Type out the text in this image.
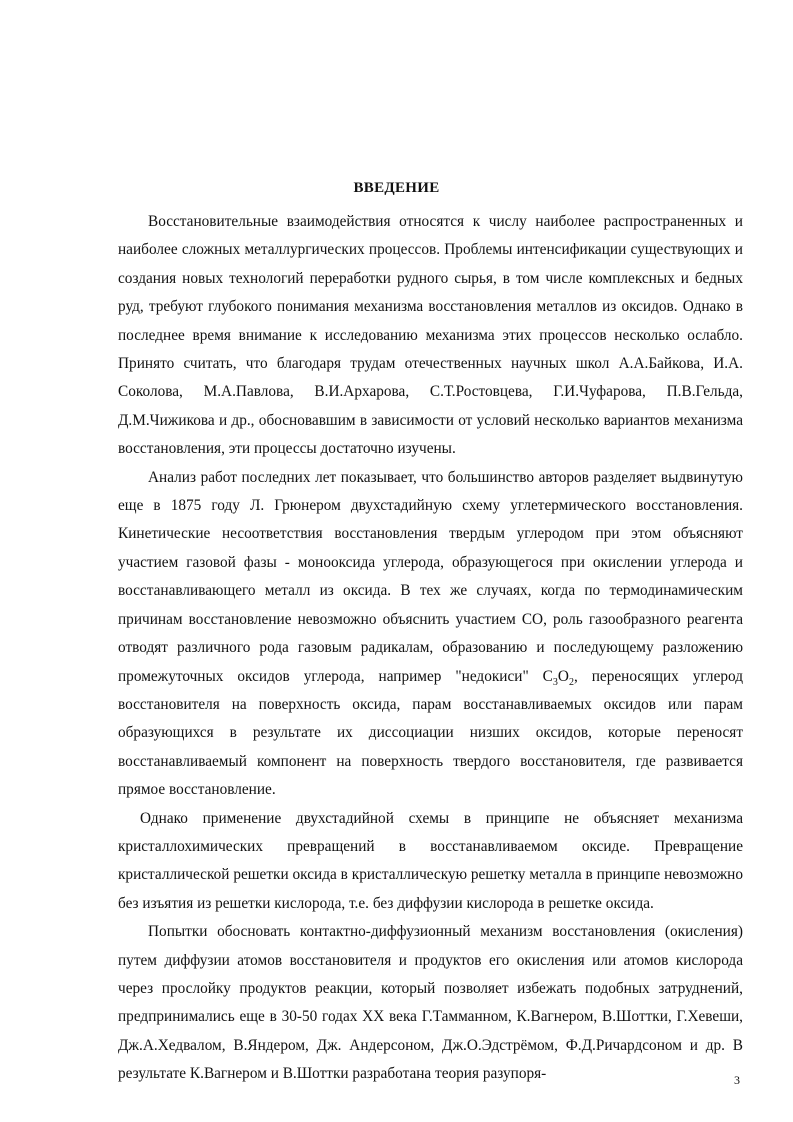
ВВЕДЕНИЕ

Восстановительные взаимодействия относятся к числу наиболее распространенных и наиболее сложных металлургических процессов. Проблемы интенсификации существующих и создания новых технологий переработки рудного сырья, в том числе комплексных и бедных руд, требуют глубокого понимания механизма восстановления металлов из оксидов. Однако в последнее время внимание к исследованию механизма этих процессов несколько ослабло. Принято считать, что благодаря трудам отечественных научных школ А.А.Байкова, И.А. Соколова, М.А.Павлова, В.И.Архарова, С.Т.Ростовцева, Г.И.Чуфарова, П.В.Гельда, Д.М.Чижикова и др., обосновавшим в зависимости от условий несколько вариантов механизма восстановления, эти процессы достаточно изучены.

Анализ работ последних лет показывает, что большинство авторов разделяет выдвинутую еще в 1875 году Л. Грюнером двухстадийную схему углетермического восстановления. Кинетические несоответствия восстановления твердым углеродом при этом объясняют участием газовой фазы - монооксида углерода, образующегося при окислении углерода и восстанавливающего металл из оксида. В тех же случаях, когда по термодинамическим причинам восстановление невозможно объяснить участием СО, роль газообразного реагента отводят различного рода газовым радикалам, образованию и последующему разложению промежуточных оксидов углерода, например "недокиси" $C_3O_2$, переносящих углерод восстановителя на поверхность оксида, парам восстанавливаемых оксидов или парам образующихся в результате их диссоциации низших оксидов, которые переносят восстанавливаемый компонент на поверхность твердого восстановителя, где развивается прямое восстановление.

Однако применение двухстадийной схемы в принципе не объясняет механизма кристаллохимических превращений в восстанавливаемом оксиде. Превращение кристаллической решетки оксида в кристаллическую решетку металла в принципе невозможно без изъятия из решетки кислорода, т.е. без диффузии кислорода в решетке оксида.

Попытки обосновать контактно-диффузионный механизм восстановления (окисления) путем диффузии атомов восстановителя и продуктов его окисления или атомов кислорода через прослойку продуктов реакции, который позволяет избежать подобных затруднений, предпринимались еще в 30-50 годах XX века Г.Тамманном, К.Вагнером, В.Шоттки, Г.Хевеши, Дж.А.Хедвалом, В.Яндером, Дж. Андерсоном, Дж.О.Эдстрёмом, Ф.Д.Ричардсоном и др. В результате К.Вагнером и В.Шоттки разработана теория разупоря-	3
